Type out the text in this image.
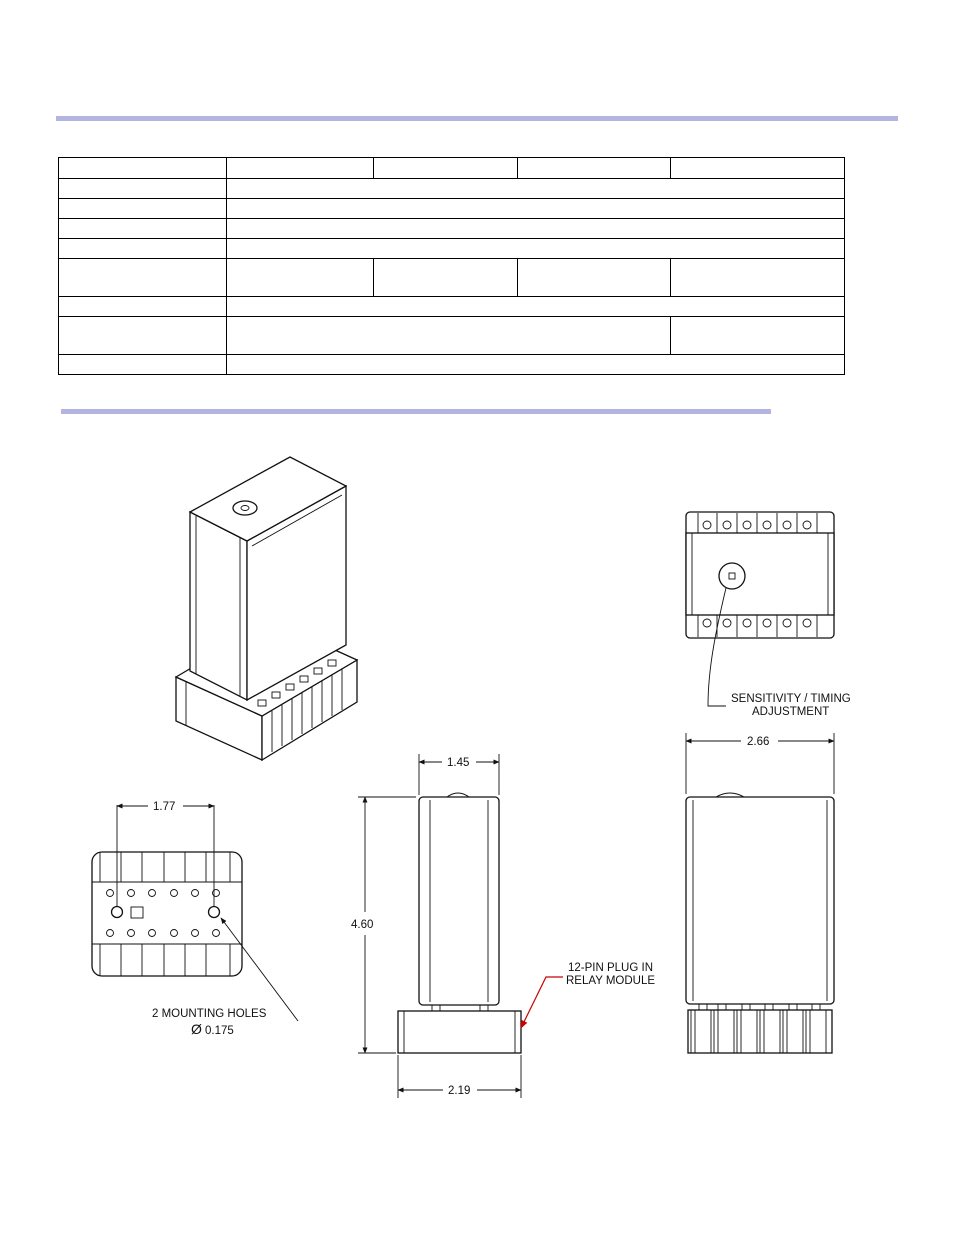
SENSITIVITY / TIMING
ADJUSTMENT
1.77
2 MOUNTING HOLES
Ø 0.175
1.45
2.19
4.60
12-PIN PLUG IN
RELAY MODULE
2.66
